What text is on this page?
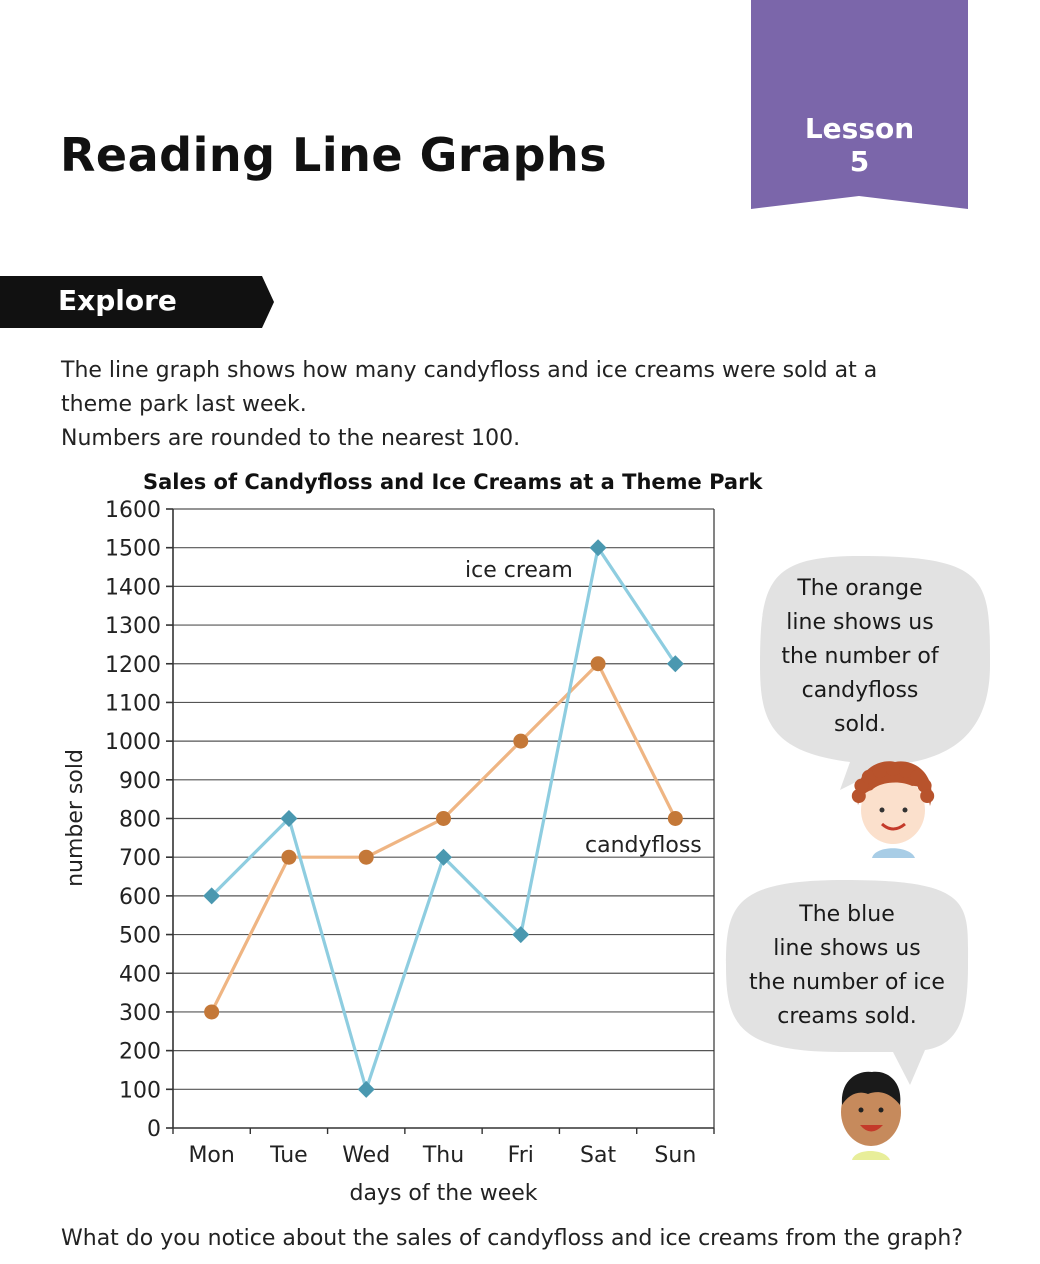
Reading Line Graphs	Lesson
5
Explore

The line graph shows how many candyfloss and ice creams were sold at a

theme park last week.

Numbers are rounded to the nearest 100.

Sales of Candyfloss and Ice Creams at a Theme Park
0
100
200
300
400
500
600
700
800
900
1000
1100
1200
1300
1400
1500
1600
Mon Tue Wed Thu Fri Sat Sun
days of the week
number sold
ice cream
candyfloss
The orange
line shows us
the number of
candyfloss
sold.
The blue
line shows us
the number of ice
creams sold.
What do you notice about the sales of candyfloss and ice creams from the graph?
